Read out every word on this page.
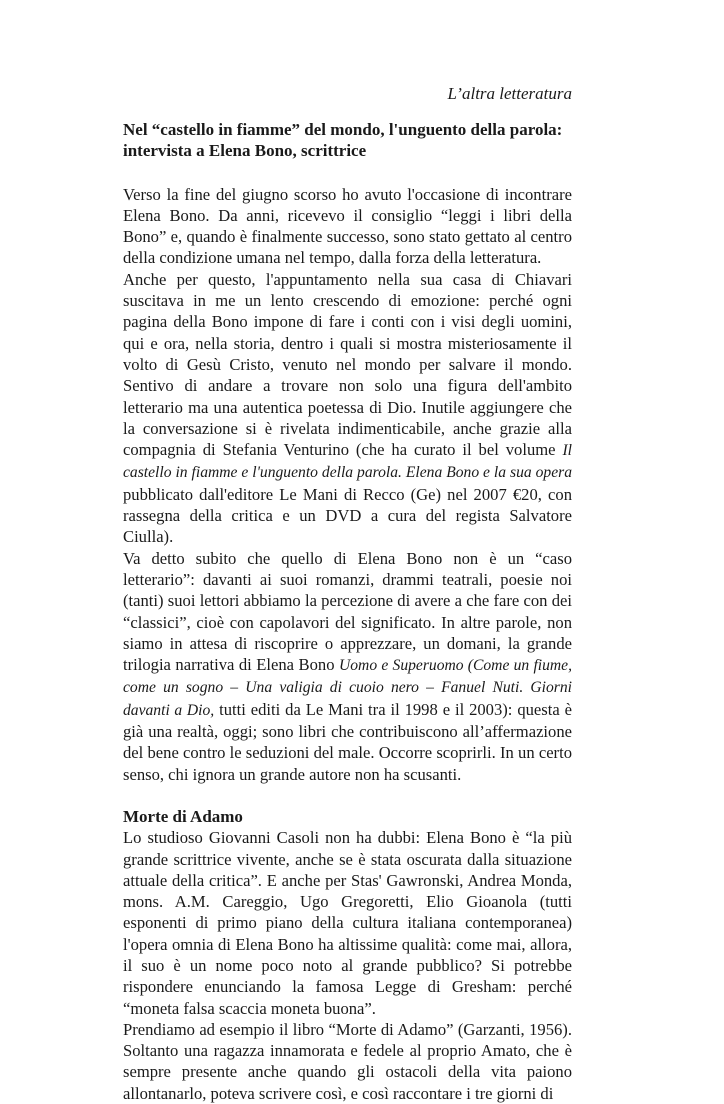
L’altra letteratura
Nel “castello in fiamme” del mondo, l'unguento della parola: intervista a Elena Bono, scrittrice

Verso la fine del giugno scorso ho avuto l'occasione di incontrare Elena Bono. Da anni, ricevevo il consiglio “leggi i libri della Bono” e, quando è finalmente successo, sono stato gettato al centro della condizione umana nel tempo, dalla forza della letteratura.

Anche per questo, l'appuntamento nella sua casa di Chiavari suscitava in me un lento crescendo di emozione: perché ogni pagina della Bono impone di fare i conti con i visi degli uomini, qui e ora, nella storia, dentro i quali si mostra misteriosamente il volto di Gesù Cristo, venuto nel mondo per salvare il mondo. Sentivo di andare a trovare non solo una figura dell'ambito letterario ma una autentica poetessa di Dio. Inutile aggiungere che la conversazione si è rivelata indimenticabile, anche grazie alla compagnia di Stefania Venturino (che ha curato il bel volume Il castello in fiamme e l'unguento della parola. Elena Bono e la sua opera pubblicato dall'editore Le Mani di Recco (Ge) nel 2007 €20, con rassegna della critica e un DVD a cura del regista Salvatore Ciulla).

Va detto subito che quello di Elena Bono non è un “caso letterario”: davanti ai suoi romanzi, drammi teatrali, poesie noi (tanti) suoi lettori abbiamo la percezione di avere a che fare con dei “classici”, cioè con capolavori del significato. In altre parole, non siamo in attesa di riscoprire o apprezzare, un domani, la grande trilogia narrativa di Elena Bono Uomo e Superuomo (Come un fiume, come un sogno – Una valigia di cuoio nero – Fanuel Nuti. Giorni davanti a Dio, tutti editi da Le Mani tra il 1998 e il 2003): questa è già una realtà, oggi; sono libri che contribuiscono all’affermazione del bene contro le seduzioni del male. Occorre scoprirli. In un certo senso, chi ignora un grande autore non ha scusanti.

Morte di Adamo

Lo studioso Giovanni Casoli non ha dubbi: Elena Bono è “la più grande scrittrice vivente, anche se è stata oscurata dalla situazione attuale della critica”. E anche per Stas' Gawronski, Andrea Monda, mons. A.M. Careggio, Ugo Gregoretti, Elio Gioanola (tutti esponenti di primo piano della cultura italiana contemporanea) l'opera omnia di Elena Bono ha altissime qualità: come mai, allora, il suo è un nome poco noto al grande pubblico? Si potrebbe rispondere enunciando la famosa Legge di Gresham: perché “moneta falsa scaccia moneta buona”.

Prendiamo ad esempio il libro “Morte di Adamo” (Garzanti, 1956). Soltanto una ragazza innamorata e fedele al proprio Amato, che è sempre presente anche quando gli ostacoli della vita paiono allontanarlo, poteva scrivere così, e così raccontare i tre giorni di
